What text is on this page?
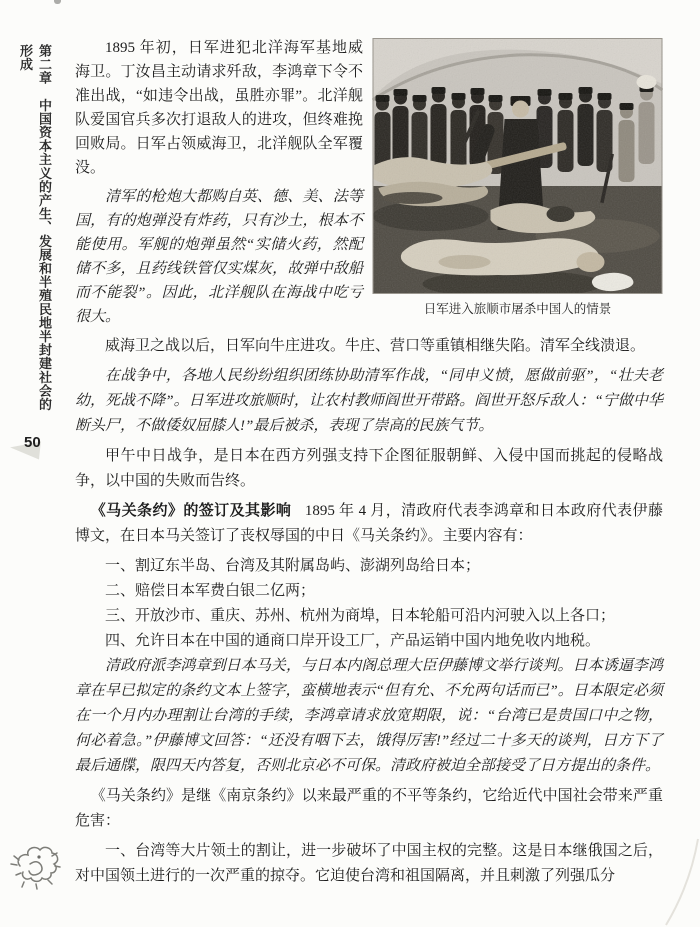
第二章　中国资本主义的产生、发展和半殖民地半封建社会的形成
50
日军进入旅顺市屠杀中国人的情景

1895 年初，日军进犯北洋海军基地威海卫。丁汝昌主动请求歼敌，李鸿章下令不准出战，“如违令出战，虽胜亦罪”。北洋舰队爱国官兵多次打退敌人的进攻，但终难挽回败局。日军占领威海卫，北洋舰队全军覆没。

清军的枪炮大都购自英、德、美、法等国，有的炮弹没有炸药，只有沙土，根本不能使用。军舰的炮弹虽然“实储火药，然配储不多，且药线铁管仅实煤灰，故弹中敌船而不能裂”。因此，北洋舰队在海战中吃亏很大。

威海卫之战以后，日军向牛庄进攻。牛庄、营口等重镇相继失陷。清军全线溃退。

在战争中，各地人民纷纷组织团练协助清军作战，“同申义愤，愿做前驱”，“壮夫老幼，死战不降”。日军进攻旅顺时，让农村教师阎世开带路。阎世开怒斥敌人：“宁做中华断头尸，不做倭奴屈膝人!”最后被杀，表现了崇高的民族气节。

甲午中日战争，是日本在西方列强支持下企图征服朝鲜、入侵中国而挑起的侵略战争，以中国的失败而告终。

《马关条约》的签订及其影响 1895 年 4 月，清政府代表李鸿章和日本政府代表伊藤博文，在日本马关签订了丧权辱国的中日《马关条约》。主要内容有：

一、割辽东半岛、台湾及其附属岛屿、澎湖列岛给日本；

二、赔偿日本军费白银二亿两；

三、开放沙市、重庆、苏州、杭州为商埠，日本轮船可沿内河驶入以上各口；

四、允许日本在中国的通商口岸开设工厂，产品运销中国内地免收内地税。

清政府派李鸿章到日本马关，与日本内阁总理大臣伊藤博文举行谈判。日本诱逼李鸿章在早已拟定的条约文本上签字，蛮横地表示“但有允、不允两句话而已”。日本限定必须在一个月内办理割让台湾的手续，李鸿章请求放宽期限，说：“台湾已是贵国口中之物，何必着急。”伊藤博文回答：“还没有咽下去，饿得厉害!”经过二十多天的谈判，日方下了最后通牒，限四天内答复，否则北京必不可保。清政府被迫全部接受了日方提出的条件。

《马关条约》是继《南京条约》以来最严重的不平等条约，它给近代中国社会带来严重危害：

一、台湾等大片领土的割让，进一步破坏了中国主权的完整。这是日本继俄国之后，对中国领土进行的一次严重的掠夺。它迫使台湾和祖国隔离，并且刺激了列强瓜分
